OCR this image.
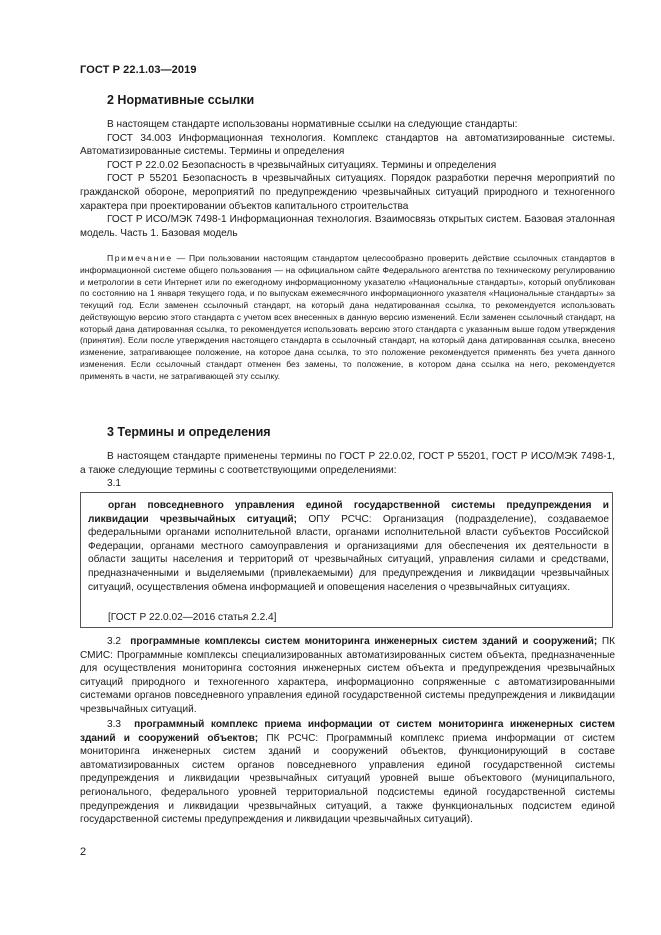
ГОСТ Р 22.1.03—2019
2 Нормативные ссылки

В настоящем стандарте использованы нормативные ссылки на следующие стандарты:

ГОСТ 34.003 Информационная технология. Комплекс стандартов на автоматизированные системы. Автоматизированные системы. Термины и определения

ГОСТ Р 22.0.02 Безопасность в чрезвычайных ситуациях. Термины и определения

ГОСТ Р 55201 Безопасность в чрезвычайных ситуациях. Порядок разработки перечня мероприятий по гражданской обороне, мероприятий по предупреждению чрезвычайных ситуаций природного и техногенного характера при проектировании объектов капитального строительства

ГОСТ Р ИСО/МЭК 7498-1 Информационная технология. Взаимосвязь открытых систем. Базовая эталонная модель. Часть 1. Базовая модель

Примечание — При пользовании настоящим стандартом целесообразно проверить действие ссылочных стандартов в информационной системе общего пользования — на официальном сайте Федерального агентства по техническому регулированию и метрологии в сети Интернет или по ежегодному информационному указателю «Национальные стандарты», который опубликован по состоянию на 1 января текущего года, и по выпускам ежемесячного информационного указателя «Национальные стандарты» за текущий год. Если заменен ссылочный стандарт, на который дана недатированная ссылка, то рекомендуется использовать действующую версию этого стандарта с учетом всех внесенных в данную версию изменений. Если заменен ссылочный стандарт, на который дана датированная ссылка, то рекомендуется использовать версию этого стандарта с указанным выше годом утверждения (принятия). Если после утверждения настоящего стандарта в ссылочный стандарт, на который дана датированная ссылка, внесено изменение, затрагивающее положение, на которое дана ссылка, то это положение рекомендуется применять без учета данного изменения. Если ссылочный стандарт отменен без замены, то положение, в котором дана ссылка на него, рекомендуется применять в части, не затрагивающей эту ссылку.

3 Термины и определения

В настоящем стандарте применены термины по ГОСТ Р 22.0.02, ГОСТ Р 55201, ГОСТ Р ИСО/МЭК 7498-1, а также следующие термины с соответствующими определениями:

3.1

орган повседневного управления единой государственной системы предупреждения и ликвидации чрезвычайных ситуаций; ОПУ РСЧС: Организация (подразделение), создаваемое федеральными органами исполнительной власти, органами исполнительной власти субъектов Российской Федерации, органами местного самоуправления и организациями для обеспечения их деятельности в области защиты населения и территорий от чрезвычайных ситуаций, управления силами и средствами, предназначенными и выделяемыми (привлекаемыми) для предупреждения и ликвидации чрезвычайных ситуаций, осуществления обмена информацией и оповещения населения о чрезвычайных ситуациях.

[ГОСТ Р 22.0.02—2016 статья 2.2.4]

3.2 программные комплексы систем мониторинга инженерных систем зданий и сооружений; ПК СМИС: Программные комплексы специализированных автоматизированных систем объекта, предназначенные для осуществления мониторинга состояния инженерных систем объекта и предупреждения чрезвычайных ситуаций природного и техногенного характера, информационно сопряженные с автоматизированными системами органов повседневного управления единой государственной системы предупреждения и ликвидации чрезвычайных ситуаций.

3.3 программный комплекс приема информации от систем мониторинга инженерных систем зданий и сооружений объектов; ПК РСЧС: Программный комплекс приема информации от систем мониторинга инженерных систем зданий и сооружений объектов, функционирующий в составе автоматизированных систем органов повседневного управления единой государственной системы предупреждения и ликвидации чрезвычайных ситуаций уровней выше объектового (муниципального, регионального, федерального уровней территориальной подсистемы единой государственной системы предупреждения и ликвидации чрезвычайных ситуаций, а также функциональных подсистем единой государственной системы предупреждения и ликвидации чрезвычайных ситуаций).

2
